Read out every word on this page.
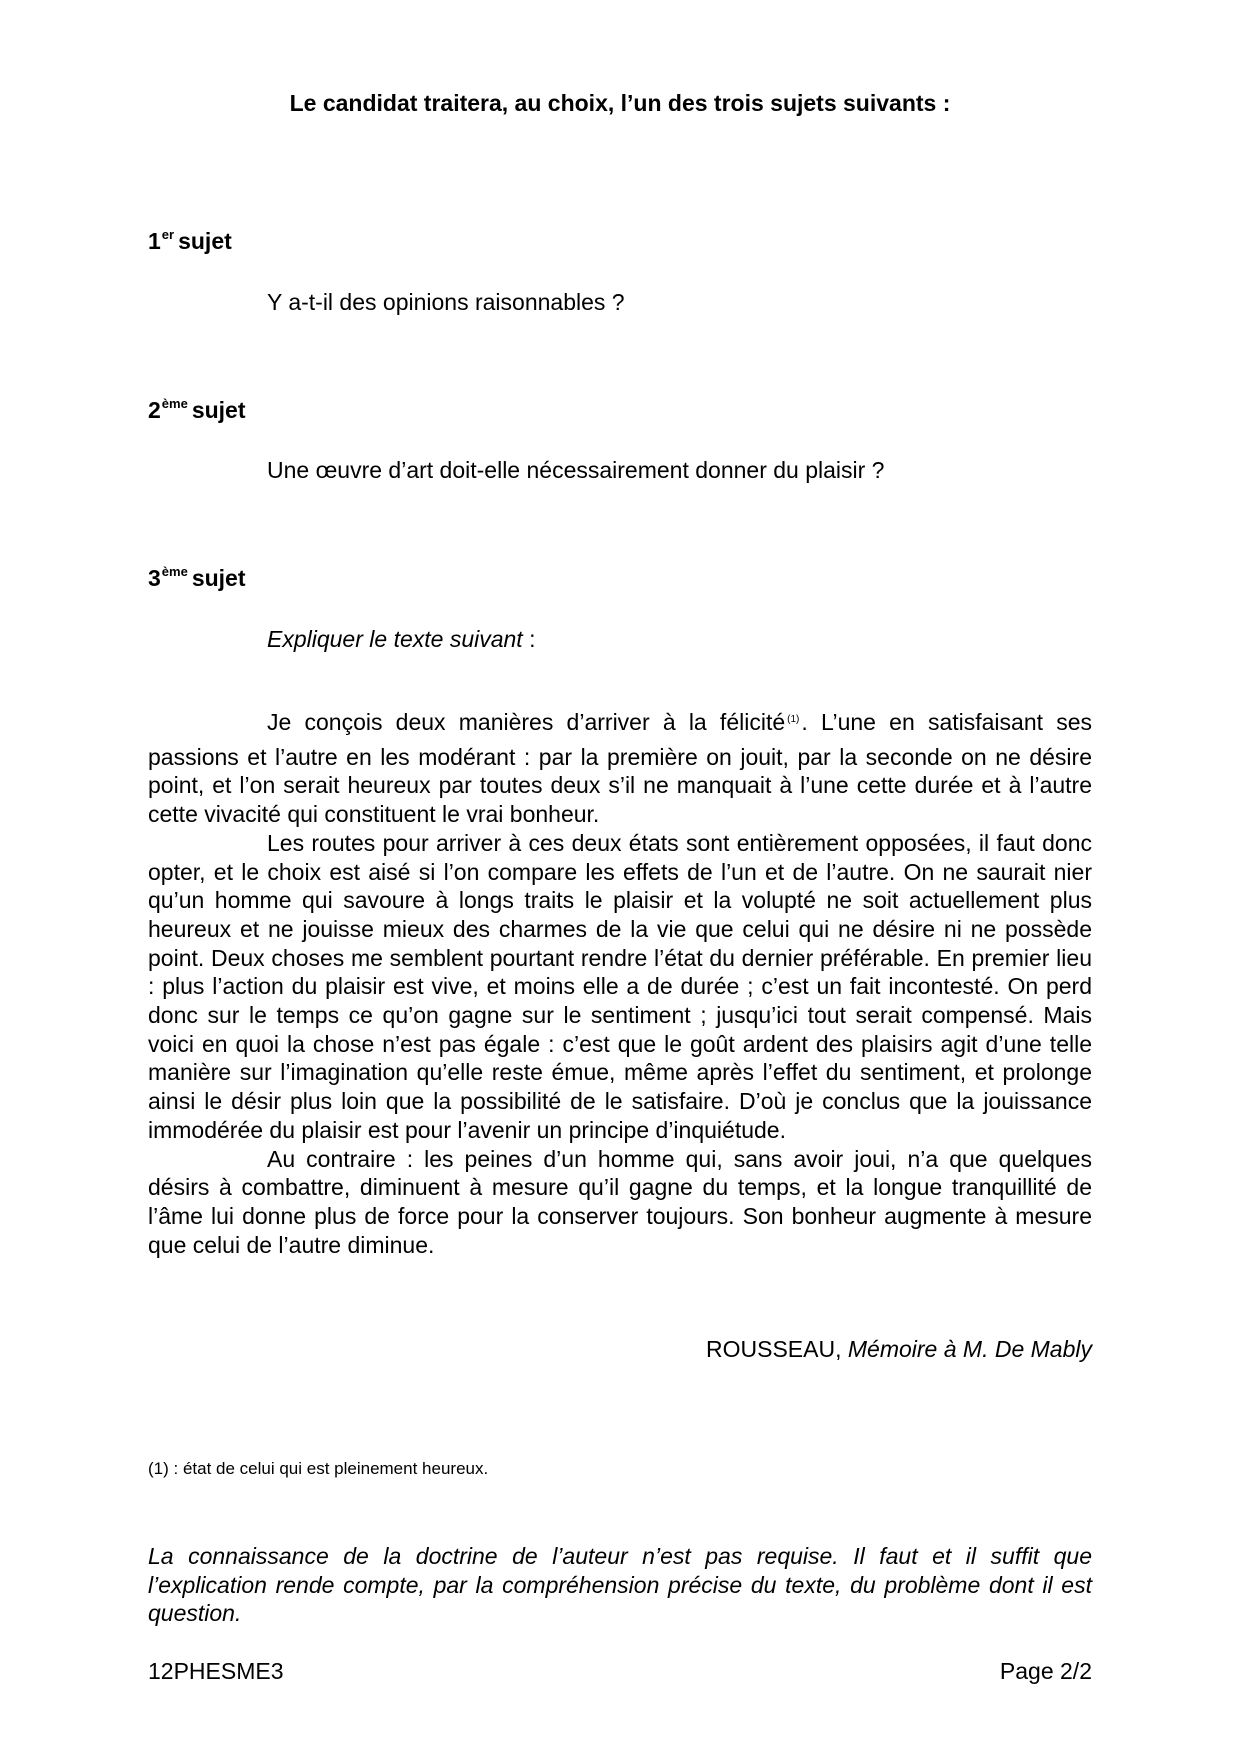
Le candidat traitera, au choix, l’un des trois sujets suivants :
1er sujet
Y a-t-il des opinions raisonnables ?
2ème sujet
Une œuvre d’art doit-elle nécessairement donner du plaisir ?
3ème sujet
Expliquer le texte suivant :

Je conçois deux manières d’arriver à la félicité $^{(1)}$. L’une en satisfaisant ses passions et l’autre en les modérant : par la première on jouit, par la seconde on ne désire point, et l’on serait heureux par toutes deux s’il ne manquait à l’une cette durée et à l’autre cette vivacité qui constituent le vrai bonheur.

Les routes pour arriver à ces deux états sont entièrement opposées, il faut donc opter, et le choix est aisé si l’on compare les effets de l’un et de l’autre. On ne saurait nier qu’un homme qui savoure à longs traits le plaisir et la volupté ne soit actuellement plus heureux et ne jouisse mieux des charmes de la vie que celui qui ne désire ni ne possède point. Deux choses me semblent pourtant rendre l’état du dernier préférable. En premier lieu : plus l’action du plaisir est vive, et moins elle a de durée ; c’est un fait incontesté. On perd donc sur le temps ce qu’on gagne sur le sentiment ; jusqu’ici tout serait compensé. Mais voici en quoi la chose n’est pas égale : c’est que le goût ardent des plaisirs agit d’une telle manière sur l’imagination qu’elle reste émue, même après l’effet du sentiment, et prolonge ainsi le désir plus loin que la possibilité de le satisfaire. D’où je conclus que la jouissance immodérée du plaisir est pour l’avenir un principe d’inquiétude.

Au contraire : les peines d’un homme qui, sans avoir joui, n’a que quelques désirs à combattre, diminuent à mesure qu’il gagne du temps, et la longue tranquillité de l’âme lui donne plus de force pour la conserver toujours. Son bonheur augmente à mesure que celui de l’autre diminue.

ROUSSEAU, Mémoire à M. De Mably
(1) : état de celui qui est pleinement heureux.
La connaissance de la doctrine de l’auteur n’est pas requise. Il faut et il suffit que l’explication rende compte, par la compréhension précise du texte, du problème dont il est question.
12PHESME3	Page 2/2
